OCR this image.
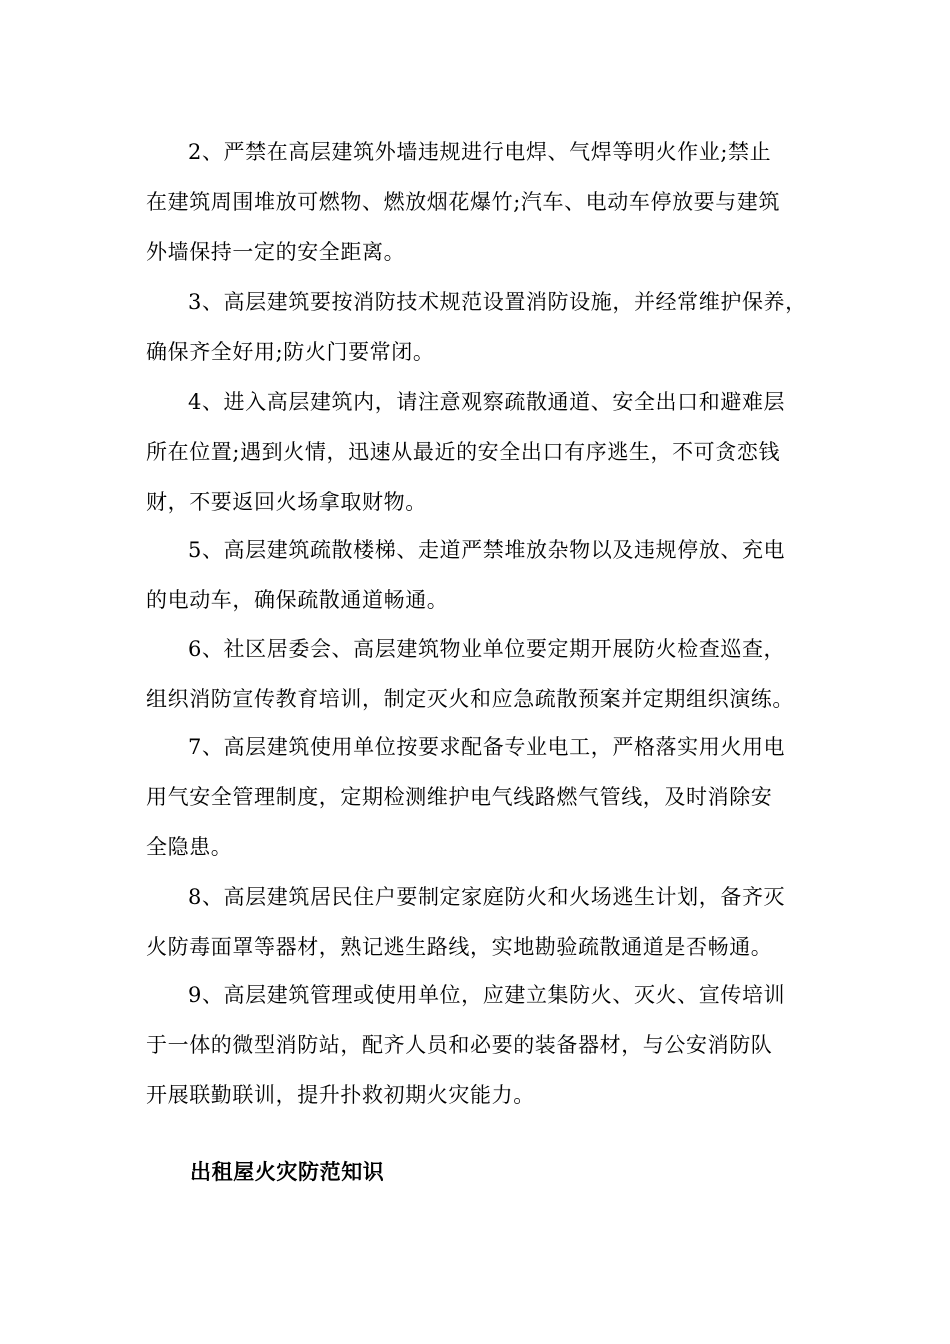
2、严禁在高层建筑外墙违规进行电焊、气焊等明火作业;禁止
在建筑周围堆放可燃物、燃放烟花爆竹;汽车、电动车停放要与建筑
外墙保持一定的安全距离。

3、高层建筑要按消防技术规范设置消防设施，并经常维护保养，
确保齐全好用;防火门要常闭。

4、进入高层建筑内，请注意观察疏散通道、安全出口和避难层
所在位置;遇到火情，迅速从最近的安全出口有序逃生，不可贪恋钱
财，不要返回火场拿取财物。

5、高层建筑疏散楼梯、走道严禁堆放杂物以及违规停放、充电
的电动车，确保疏散通道畅通。

6、社区居委会、高层建筑物业单位要定期开展防火检查巡查，
组织消防宣传教育培训，制定灭火和应急疏散预案并定期组织演练。

7、高层建筑使用单位按要求配备专业电工，严格落实用火用电
用气安全管理制度，定期检测维护电气线路燃气管线，及时消除安
全隐患。

8、高层建筑居民住户要制定家庭防火和火场逃生计划，备齐灭
火防毒面罩等器材，熟记逃生路线，实地勘验疏散通道是否畅通。

9、高层建筑管理或使用单位，应建立集防火、灭火、宣传培训
于一体的微型消防站，配齐人员和必要的装备器材，与公安消防队
开展联勤联训，提升扑救初期火灾能力。

出租屋火灾防范知识
